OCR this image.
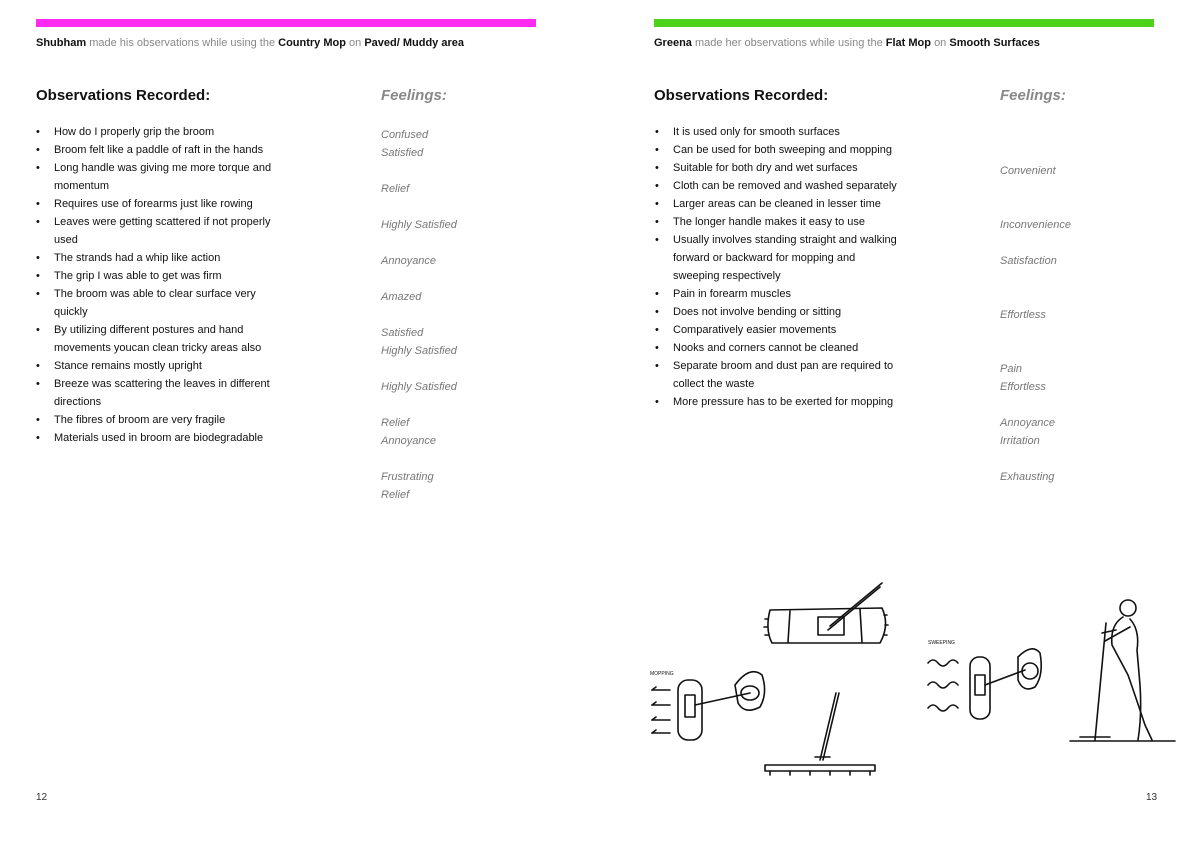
Shubham made his observations while using the Country Mop on Paved/ Muddy area
Observations Recorded:	Feelings:
• How do I properly grip the broom
• Broom felt like a paddle of raft in the hands
• Long handle was giving me more torque and momentum
• Requires use of forearms just like rowing
• Leaves were getting scattered if not properly used
• The strands had a whip like action
• The grip I was able to get was firm
• The broom was able to clear surface very quickly
• By utilizing different postures and hand movements youcan clean tricky areas also
• Stance remains mostly upright
• Breeze was scattering the leaves in different directions
• The fibres of broom are very fragile
• Materials used in broom are biodegradable
Confused
Satisfied
Relief
Highly Satisfied
Annoyance
Amazed
Satisfied
Highly Satisfied
Highly Satisfied
Relief
Annoyance
Frustrating
Relief
12
Greena made her observations while using the Flat Mop on Smooth Surfaces
Observations Recorded:	Feelings:
• It is used only for smooth surfaces
• Can be used for both sweeping and mopping
• Suitable for both dry and wet surfaces
• Cloth can be removed and washed separately
• Larger areas can be cleaned in lesser time
• The longer handle makes it easy to use
• Usually involves standing straight and walking forward or backward for mopping and sweeping respectively
• Pain in forearm muscles
• Does not involve bending or sitting
• Comparatively easier movements
• Nooks and corners cannot be cleaned
• Separate broom and dust pan are required to collect the waste
• More pressure has to be exerted for mopping
Convenient
Inconvenience
Satisfaction
Effortless
Pain
Effortless
Annoyance
Irritation
Exhausting
13
MOPPING
SWEEPING
